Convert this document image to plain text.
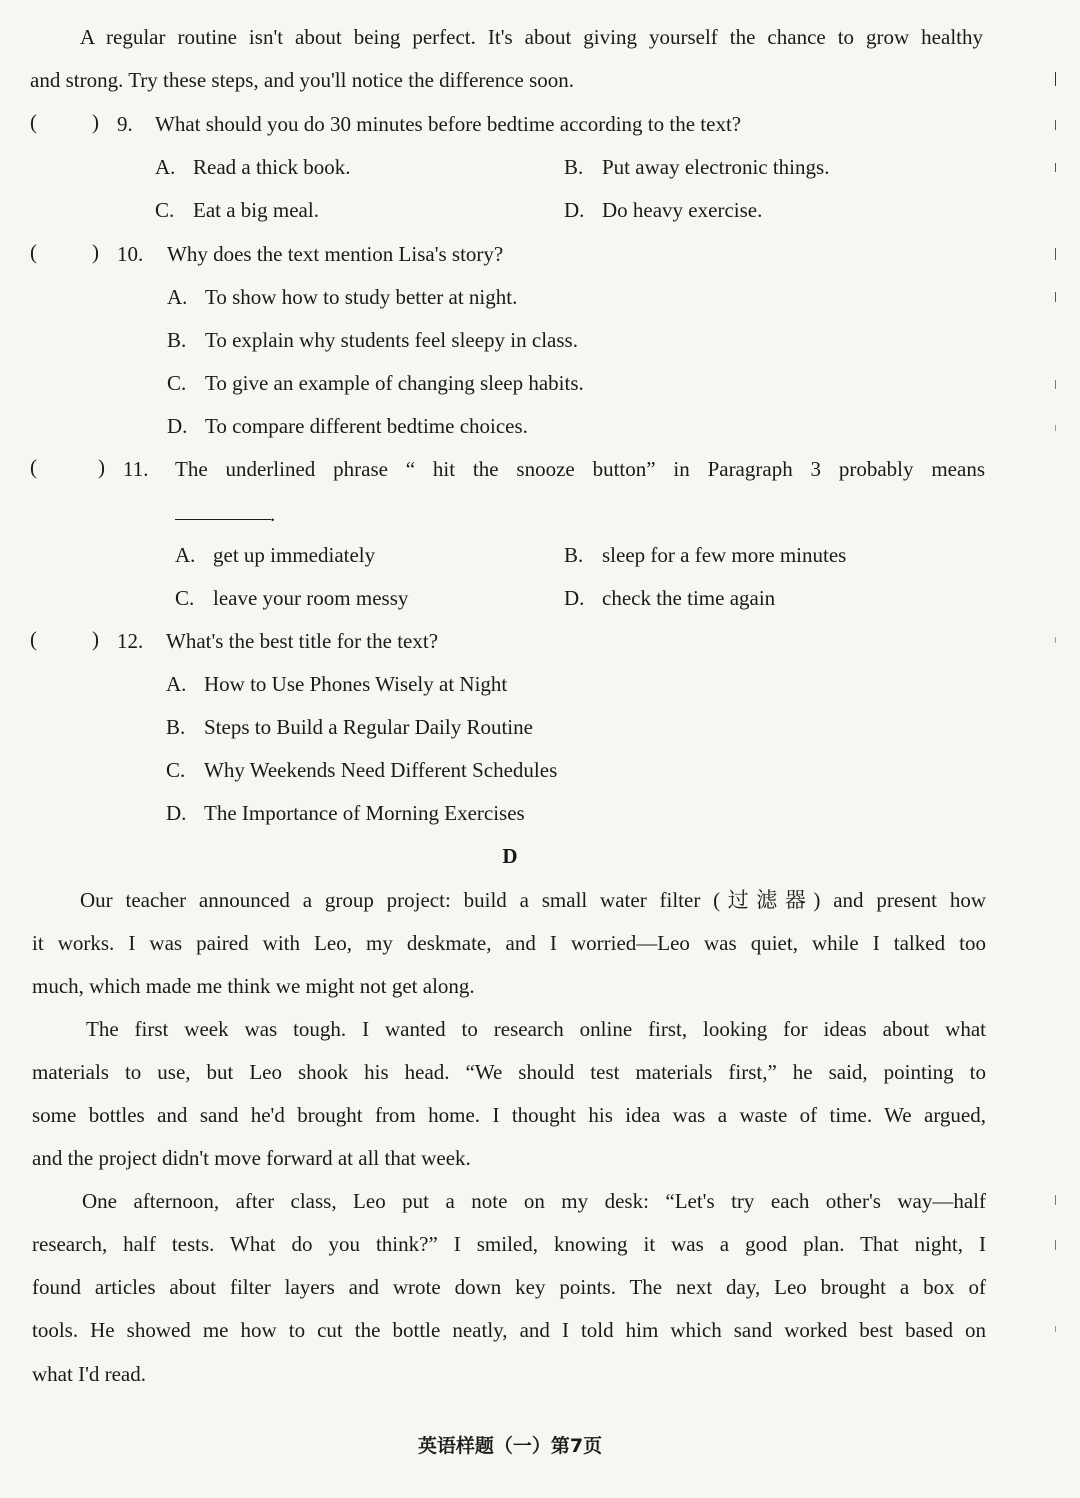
A regular routine isn't about being perfect. It's about giving yourself the chance to grow healthy
and strong. Try these steps, and you'll notice the difference soon.
(	) 9. What should you do 30 minutes before bedtime according to the text?
A. Read a thick book.	B. Put away electronic things.
C. Eat a big meal.	D. Do heavy exercise.
(	) 10. Why does the text mention Lisa's story?
A. To show how to study better at night.
B. To explain why students feel sleepy in class.
C. To give an example of changing sleep habits.
D. To compare different bedtime choices.
(	) 11. The underlined phrase “ hit the snooze button” in Paragraph 3 probably means
.
A. get up immediately	B. sleep for a few more minutes
C. leave your room messy	D. check the time again
(	) 12. What's the best title for the text?
A. How to Use Phones Wisely at Night
B. Steps to Build a Regular Daily Routine
C. Why Weekends Need Different Schedules
D. The Importance of Morning Exercises
D
Our teacher announced a group project: build a small water filter (过滤器) and present how
it works. I was paired with Leo, my deskmate, and I worried—Leo was quiet, while I talked too
much, which made me think we might not get along.
The first week was tough. I wanted to research online first, looking for ideas about what
materials to use, but Leo shook his head. “We should test materials first,” he said, pointing to
some bottles and sand he'd brought from home. I thought his idea was a waste of time. We argued,
and the project didn't move forward at all that week.
One afternoon, after class, Leo put a note on my desk: “Let's try each other's way—half
research, half tests. What do you think?” I smiled, knowing it was a good plan. That night, I
found articles about filter layers and wrote down key points. The next day, Leo brought a box of
tools. He showed me how to cut the bottle neatly, and I told him which sand worked best based on
what I'd read.
英语样题（一）第7页
